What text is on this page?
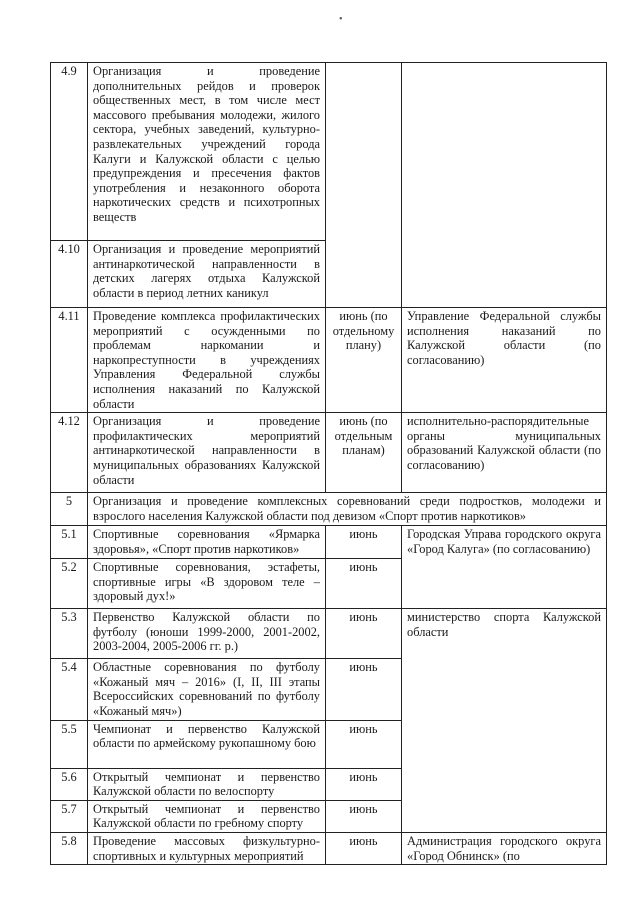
•
4.9	Организация и проведение дополнительных рейдов и проверок общественных мест, в том числе мест массового пребывания молодежи, жилого сектора, учебных заведений, культурно-развлекательных учреждений города Калуги и Калужской области с целью предупреждения и пресечения фактов употребления и незаконного оборота наркотических средств и психотропных веществ		
4.10	Организация и проведение мероприятий антинаркотической направленности в детских лагерях отдыха Калужской области в период летних каникул		
4.11	Проведение комплекса профилактических мероприятий с осужденными по проблемам наркомании и наркопреступности в учреждениях Управления Федеральной службы исполнения наказаний по Калужской области	июнь (по отдельному плану)	Управление Федеральной службы исполнения наказаний по Калужской области (по согласованию)
4.12	Организация и проведение профилактических мероприятий антинаркотической направленности в муниципальных образованиях Калужской области	июнь (по отдельным планам)	исполнительно-распорядительные органы муниципальных образований Калужской области (по согласованию)
5	Организация и проведение комплексных соревнований среди подростков, молодежи и взрослого населения Калужской области под девизом «Спорт против наркотиков»		
5.1	Спортивные соревнования «Ярмарка здоровья», «Спорт против наркотиков»	июнь	Городская Управа городского округа «Город Калуга» (по согласованию)
5.2	Спортивные соревнования, эстафеты, спортивные игры «В здоровом теле – здоровый дух!»	июнь	
5.3	Первенство Калужской области по футболу (юноши 1999-2000, 2001-2002, 2003-2004, 2005-2006 гг. р.)	июнь	министерство спорта Калужской области
5.4	Областные соревнования по футболу «Кожаный мяч – 2016» (I, II, III этапы Всероссийских соревнований по футболу «Кожаный мяч»)	июнь	
5.5	Чемпионат и первенство Калужской области по армейскому рукопашному бою	июнь	
5.6	Открытый чемпионат и первенство Калужской области по велоспорту	июнь	
5.7	Открытый чемпионат и первенство Калужской области по гребному спорту	июнь	
5.8	Проведение массовых физкультурно-спортивных и культурных мероприятий	июнь	Администрация городского округа «Город Обнинск» (по
